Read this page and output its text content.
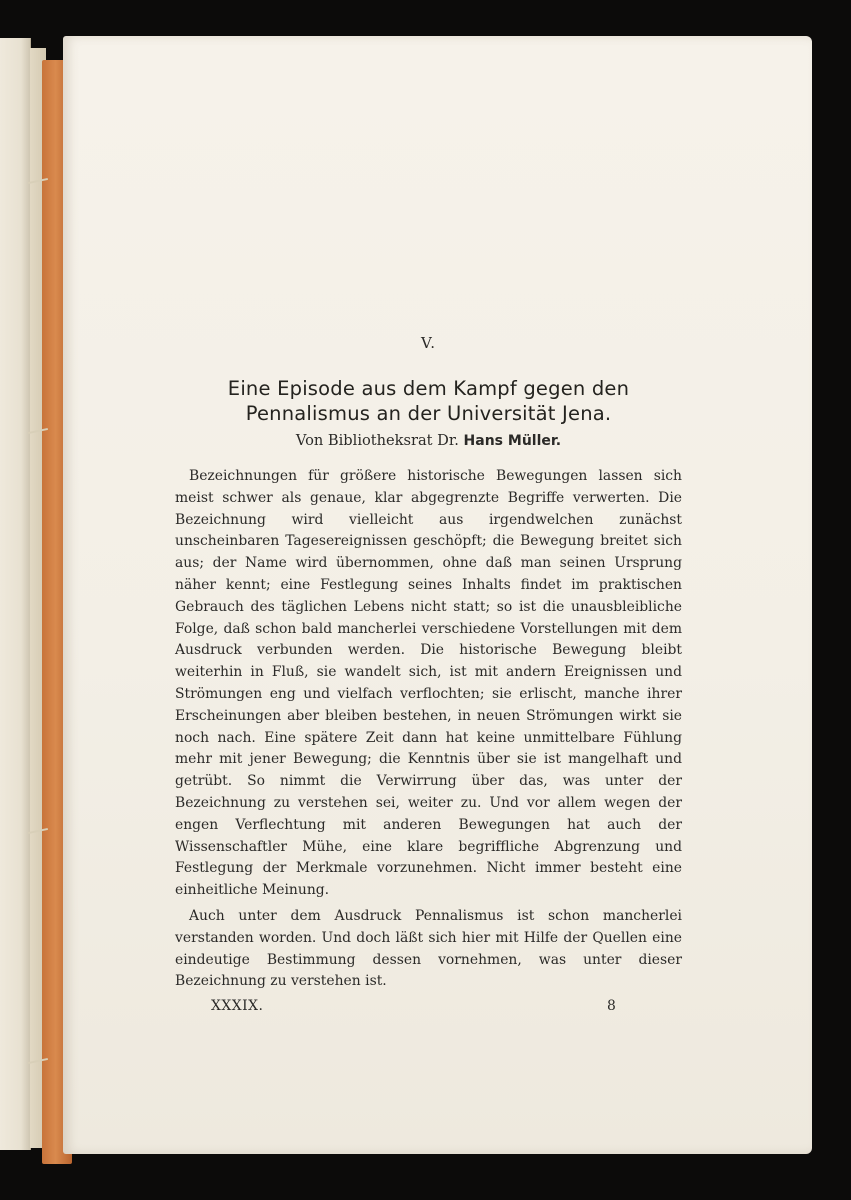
V.
Eine Episode aus dem Kampf gegen den
Pennalismus an der Universität Jena.
Von Bibliotheksrat Dr. Hans Müller.

Bezeichnungen für größere historische Bewegungen lassen sich meist schwer als genaue, klar abgegrenzte Begriffe verwerten. Die Bezeichnung wird vielleicht aus irgendwelchen zunächst unscheinbaren Tagesereignissen geschöpft; die Bewegung breitet sich aus; der Name wird übernommen, ohne daß man seinen Ursprung näher kennt; eine Festlegung seines Inhalts findet im praktischen Gebrauch des täglichen Lebens nicht statt; so ist die unausbleibliche Folge, daß schon bald mancherlei verschiedene Vorstellungen mit dem Ausdruck verbunden werden. Die historische Bewegung bleibt weiterhin in Fluß, sie wandelt sich, ist mit andern Ereignissen und Strömungen eng und vielfach verflochten; sie erlischt, manche ihrer Erscheinungen aber bleiben bestehen, in neuen Strömungen wirkt sie noch nach. Eine spätere Zeit dann hat keine unmittelbare Fühlung mehr mit jener Bewegung; die Kenntnis über sie ist mangelhaft und getrübt. So nimmt die Verwirrung über das, was unter der Bezeichnung zu verstehen sei, weiter zu. Und vor allem wegen der engen Verflechtung mit anderen Bewegungen hat auch der Wissenschaftler Mühe, eine klare begriffliche Abgrenzung und Festlegung der Merkmale vorzunehmen. Nicht immer besteht eine einheitliche Meinung.

Auch unter dem Ausdruck Pennalismus ist schon mancherlei verstanden worden. Und doch läßt sich hier mit Hilfe der Quellen eine eindeutige Bestimmung dessen vornehmen, was unter dieser Bezeichnung zu verstehen ist.

XXXIX.	8
